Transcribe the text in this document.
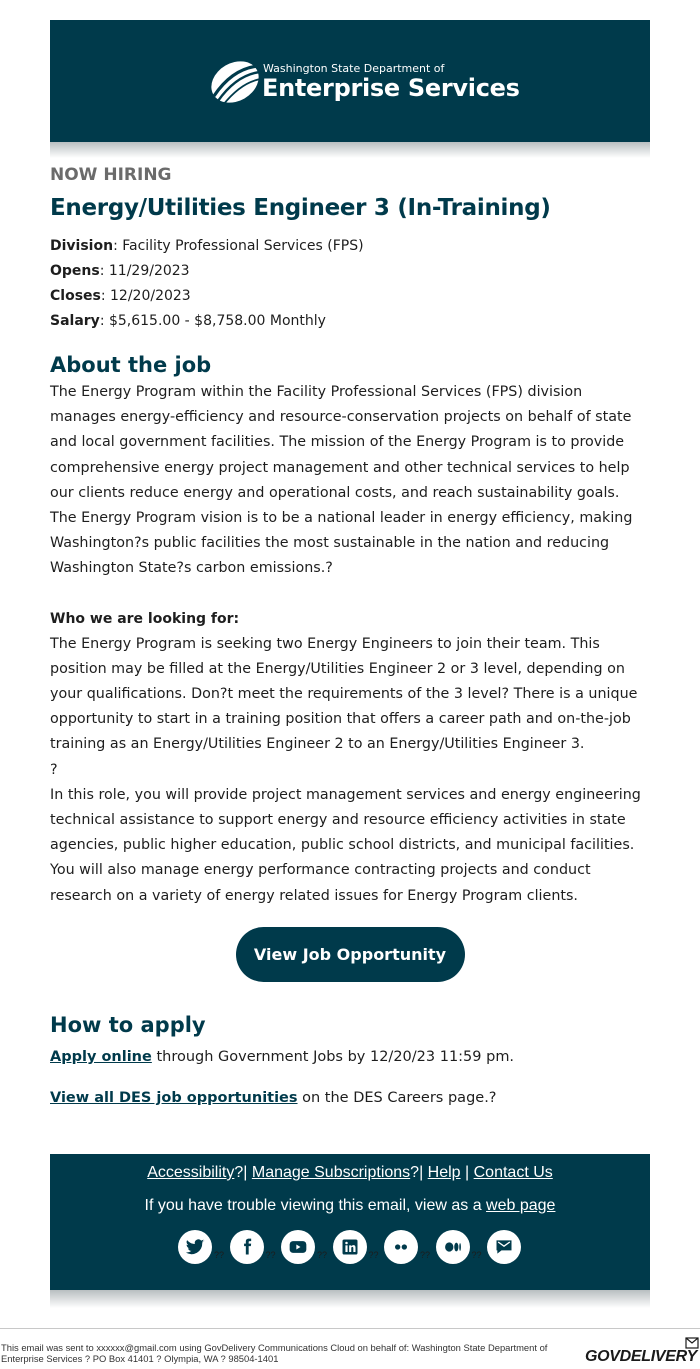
Washington State Department of
Enterprise Services
NOW HIRING
Energy/Utilities Engineer 3 (In-Training)
Division: Facility Professional Services (FPS)
Opens: 11/29/2023
Closes: 12/20/2023
Salary: $5,615.00 - $8,758.00 Monthly
About the job

The Energy Program within the Facility Professional Services (FPS) division manages energy-efficiency and resource-conservation projects on behalf of state and local government facilities. The mission of the Energy Program is to provide comprehensive energy project management and other technical services to help our clients reduce energy and operational costs, and reach sustainability goals. The Energy Program vision is to be a national leader in energy efficiency, making Washington?s public facilities the most sustainable in the nation and reducing Washington State?s carbon emissions.?

Who we are looking for:

The Energy Program is seeking two Energy Engineers to join their team. This position may be filled at the Energy/Utilities Engineer 2 or 3 level, depending on your qualifications. Don?t meet the requirements of the 3 level? There is a unique opportunity to start in a training position that offers a career path and on-the-job training as an Energy/Utilities Engineer 2 to an Energy/Utilities Engineer 3.

?

In this role, you will provide project management services and energy engineering technical assistance to support energy and resource efficiency activities in state agencies, public higher education, public school districts, and municipal facilities. You will also manage energy performance contracting projects and conduct research on a variety of energy related issues for Energy Program clients.

View Job Opportunity
How to apply
Apply online through Government Jobs by 12/20/23 11:59 pm.
View all DES job opportunities on the DES Careers page.?
Accessibility?| Manage Subscriptions?| Help | Contact Us
If you have trouble viewing this email, view as a web page
??	??	??	??	??	??
This email was sent to xxxxxx@gmail.com using GovDelivery Communications Cloud on behalf of: Washington State Department of Enterprise Services ? PO Box 41401 ? Olympia, WA ? 98504-1401	GOVDELIVERY
